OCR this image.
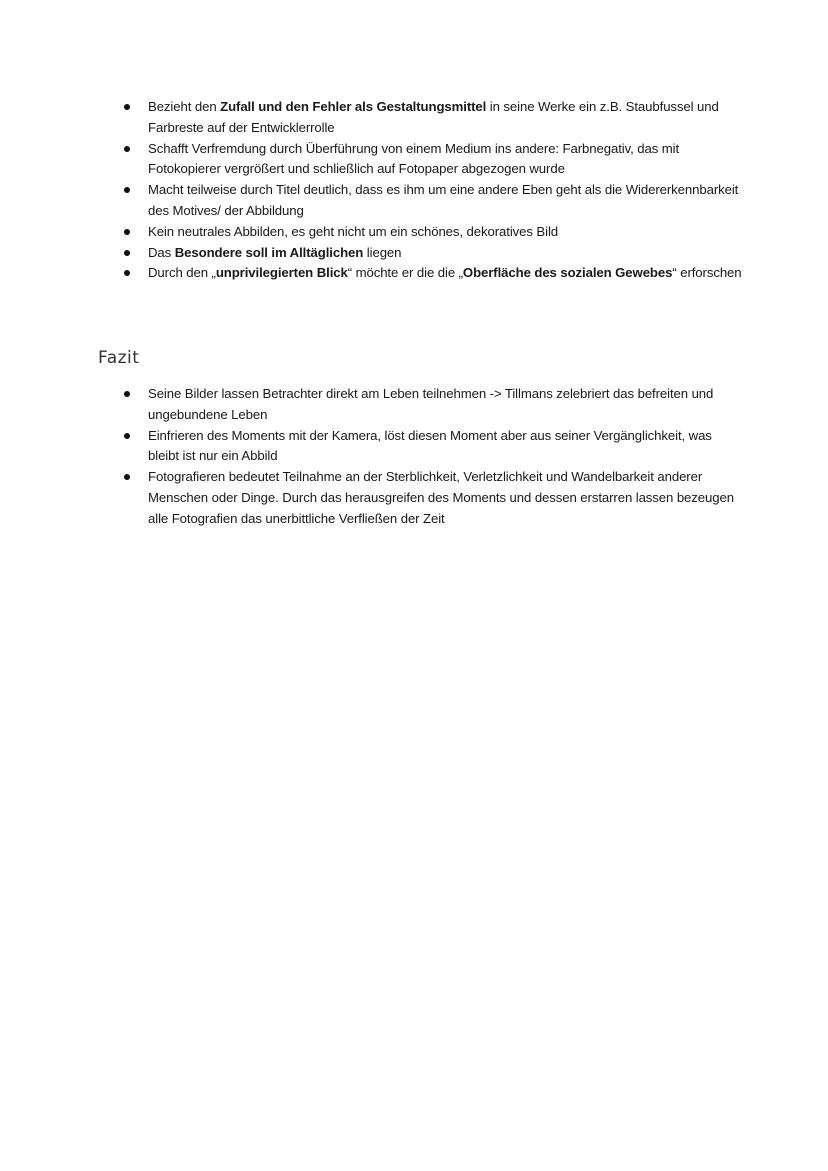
Bezieht den Zufall und den Fehler als Gestaltungsmittel in seine Werke ein z.B. Staubfussel und Farbreste auf der Entwicklerrolle
Schafft Verfremdung durch Überführung von einem Medium ins andere: Farbnegativ, das mit Fotokopierer vergrößert und schließlich auf Fotopaper abgezogen wurde
Macht teilweise durch Titel deutlich, dass es ihm um eine andere Eben geht als die Widererkennbarkeit des Motives/ der Abbildung
Kein neutrales Abbilden, es geht nicht um ein schönes, dekoratives Bild
Das Besondere soll im Alltäglichen liegen
Durch den „unprivilegierten Blick“ möchte er die die „Oberfläche des sozialen Gewebes“ erforschen
Fazit
Seine Bilder lassen Betrachter direkt am Leben teilnehmen -> Tillmans zelebriert das befreiten und ungebundene Leben
Einfrieren des Moments mit der Kamera, löst diesen Moment aber aus seiner Vergänglichkeit, was bleibt ist nur ein Abbild
Fotografieren bedeutet Teilnahme an der Sterblichkeit, Verletzlichkeit und Wandelbarkeit anderer Menschen oder Dinge. Durch das herausgreifen des Moments und dessen erstarren lassen bezeugen alle Fotografien das unerbittliche Verfließen der Zeit
